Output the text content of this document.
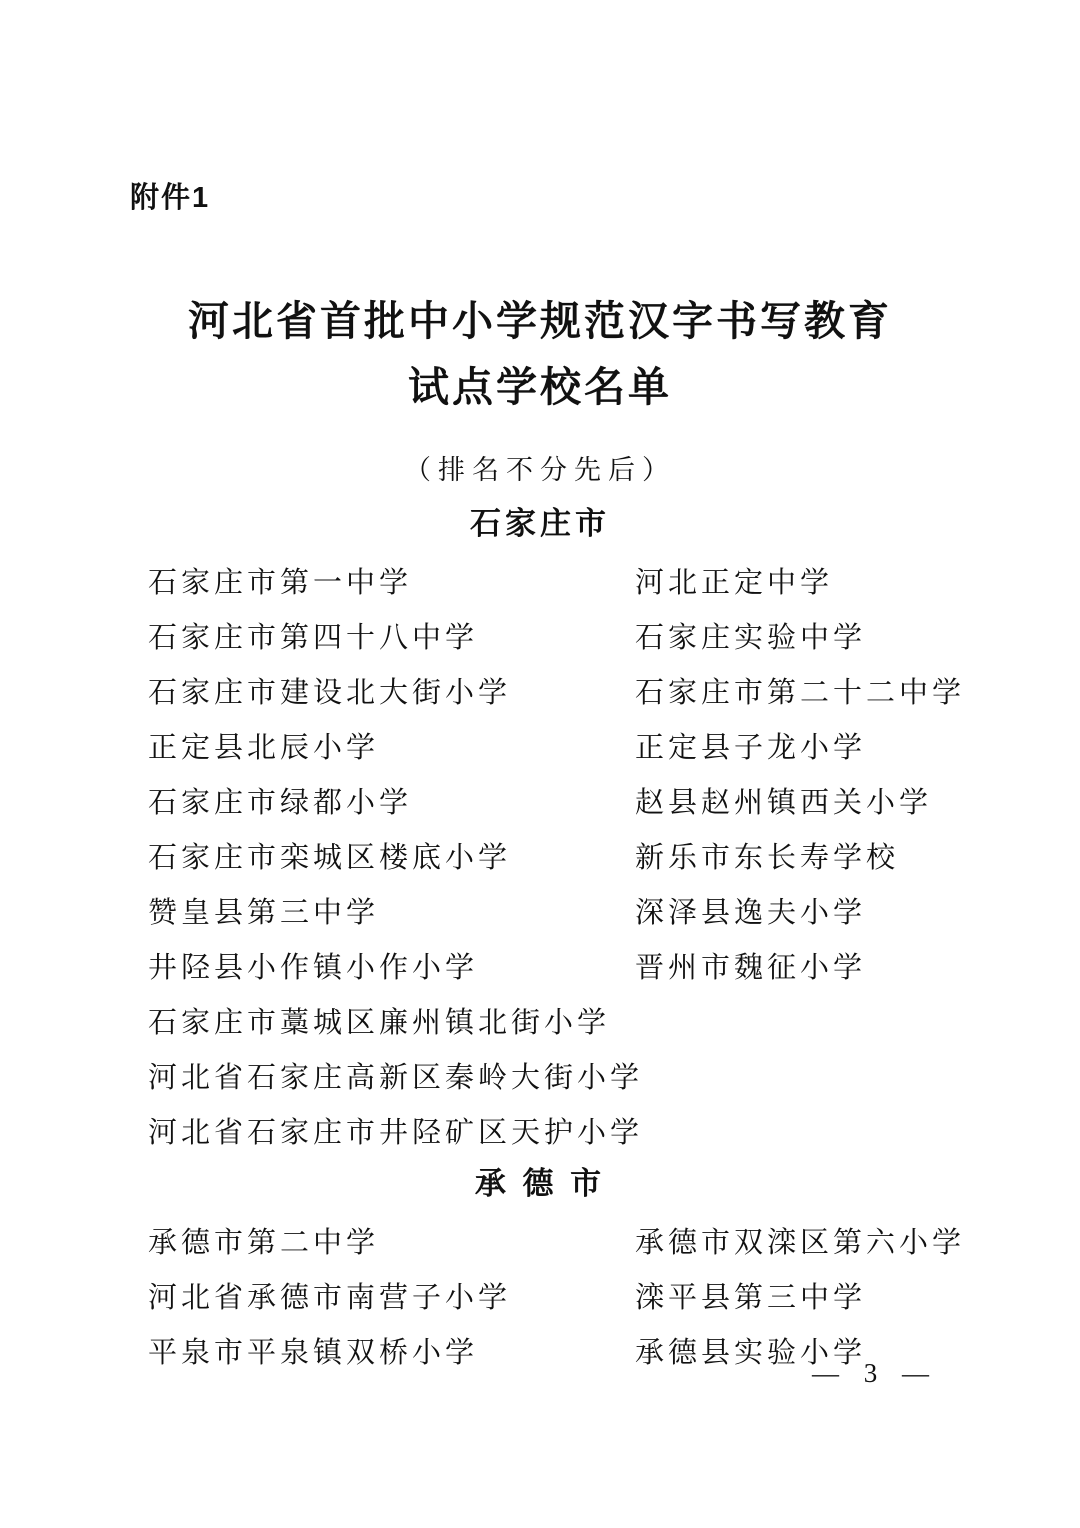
附件1
河北省首批中小学规范汉字书写教育
试点学校名单
（排名不分先后）
石家庄市
石家庄市第一中学	河北正定中学
石家庄市第四十八中学	石家庄实验中学
石家庄市建设北大街小学	石家庄市第二十二中学
正定县北辰小学	正定县子龙小学
石家庄市绿都小学	赵县赵州镇西关小学
石家庄市栾城区楼底小学	新乐市东长寿学校
赞皇县第三中学	深泽县逸夫小学
井陉县小作镇小作小学	晋州市魏征小学
石家庄市藁城区廉州镇北街小学
河北省石家庄高新区秦岭大街小学
河北省石家庄市井陉矿区天护小学
承 德 市
承德市第二中学	承德市双滦区第六小学
河北省承德市南营子小学	滦平县第三中学
平泉市平泉镇双桥小学	承德县实验小学
— 3 —
